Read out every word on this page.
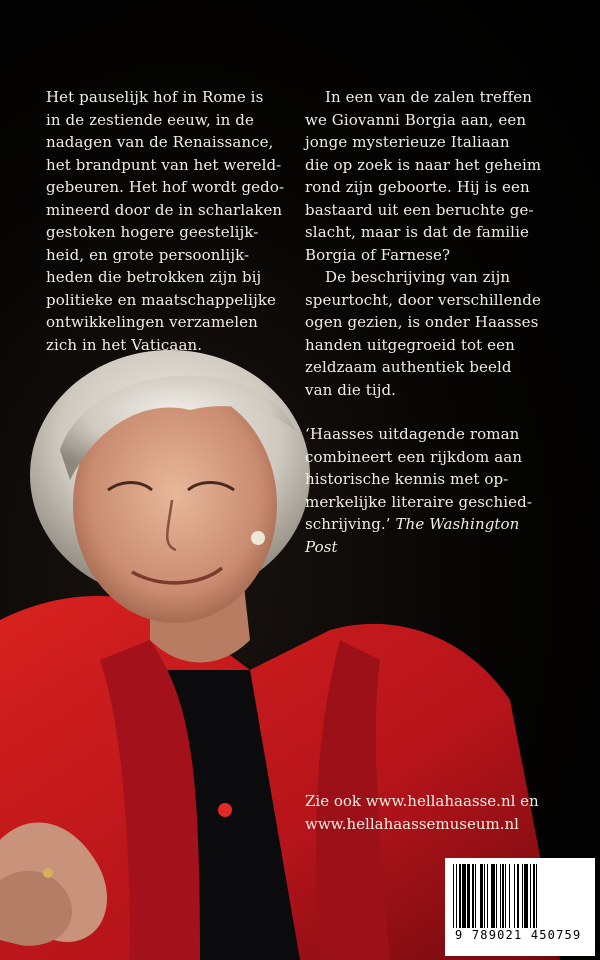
Het pauselijk hof in Rome is
in de zestiende eeuw, in de
nadagen van de Renaissance,
het brandpunt van het wereld-
gebeuren. Het hof wordt gedo-
mineerd door de in scharlaken
gestoken hogere geestelijk-
heid, en grote persoonlijk-
heden die betrokken zijn bij
politieke en maatschappelijke
ontwikkelingen verzamelen
zich in het Vaticaan.

In een van de zalen treffen
we Giovanni Borgia aan, een
jonge mysterieuze Italiaan
die op zoek is naar het geheim
rond zijn geboorte. Hij is een
bastaard uit een beruchte ge-
slacht, maar is dat de familie
Borgia of Farnese?

De beschrijving van zijn
speurtocht, door verschillende
ogen gezien, is onder Haasses
handen uitgegroeid tot een
zeldzaam authentiek beeld
van die tijd.

‘Haasses uitdagende roman
combineert een rijkdom aan
historische kennis met op-
merkelijke literaire geschied-
schrijving.’ The Washington
Post

Zie ook www.hellahaasse.nl en
www.hellahaassemuseum.nl
9 789021 450759
